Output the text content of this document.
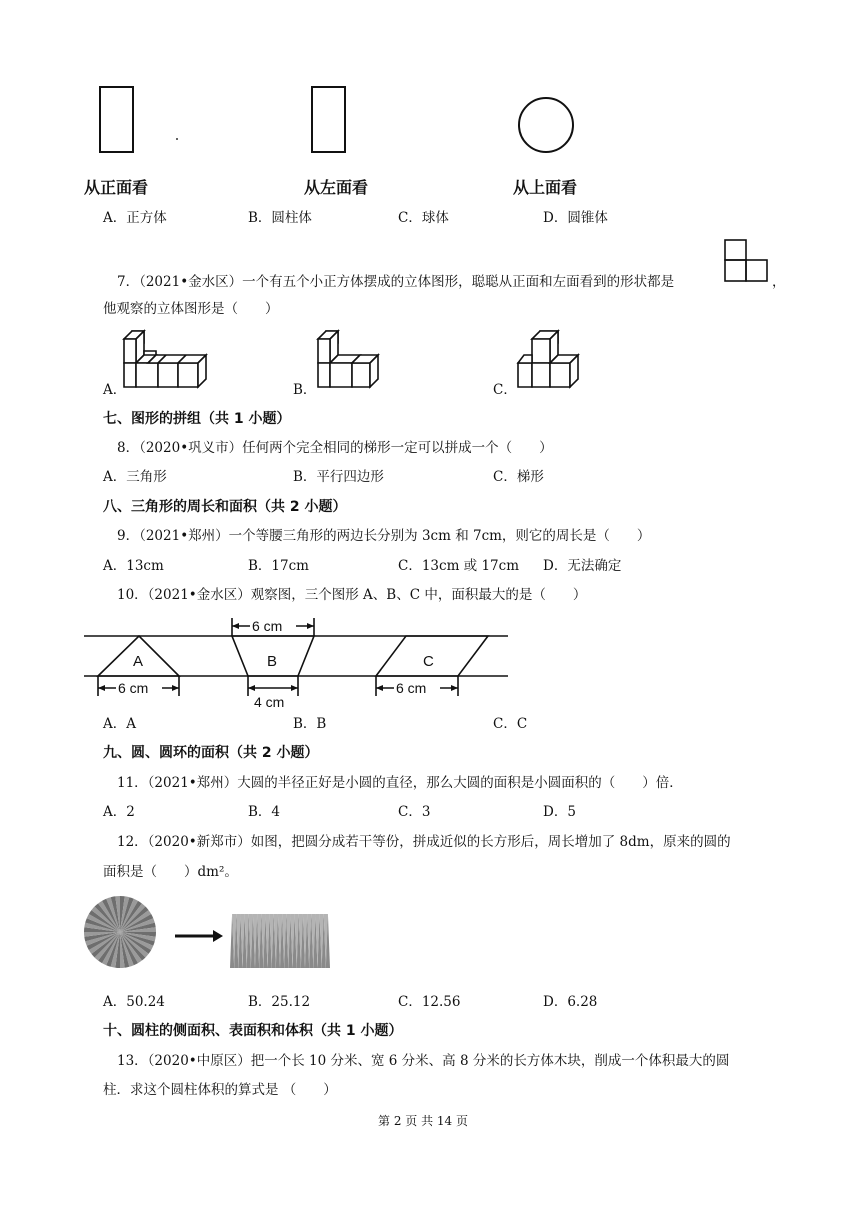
从正面看	从左面看	从上面看
A．正方体	B．圆柱体	C．球体	D．圆锥体
7．（2021•金水区）一个有五个小正方体摆成的立体图形，聪聪从正面和左面看到的形状都是	，
他观察的立体图形是（　　）
A．	B．	C．
七、图形的拼组（共 1 小题）
8．（2020•巩义市）任何两个完全相同的梯形一定可以拼成一个（　　）
A．三角形	B．平行四边形	C．梯形
八、三角形的周长和面积（共 2 小题）
9．（2021•郑州）一个等腰三角形的两边长分别为 3cm 和 7cm，则它的周长是（　　）
A．13cm	B．17cm	C．13cm 或 17cm D．无法确定
10．（2021•金水区）观察图，三个图形 A、B、C 中，面积最大的是（　　）
A	B	C
6 cm
6 cm
4 cm
6 cm
A．A	B．B	C．C
九、圆、圆环的面积（共 2 小题）
11．（2021•郑州）大圆的半径正好是小圆的直径，那么大圆的面积是小圆面积的（　　）倍．
A．2	B．4	C．3	D．5
12．（2020•新郑市）如图，把圆分成若干等份，拼成近似的长方形后，周长增加了 8dm，原来的圆的
面积是（　　）dm²。
A．50.24	B．25.12	C．12.56	D．6.28
十、圆柱的侧面积、表面积和体积（共 1 小题）
13．（2020•中原区）把一个长 10 分米、宽 6 分米、高 8 分米的长方体木块，削成一个体积最大的圆
柱．求这个圆柱体积的算式是 （　　）
第 2 页 共 14 页
